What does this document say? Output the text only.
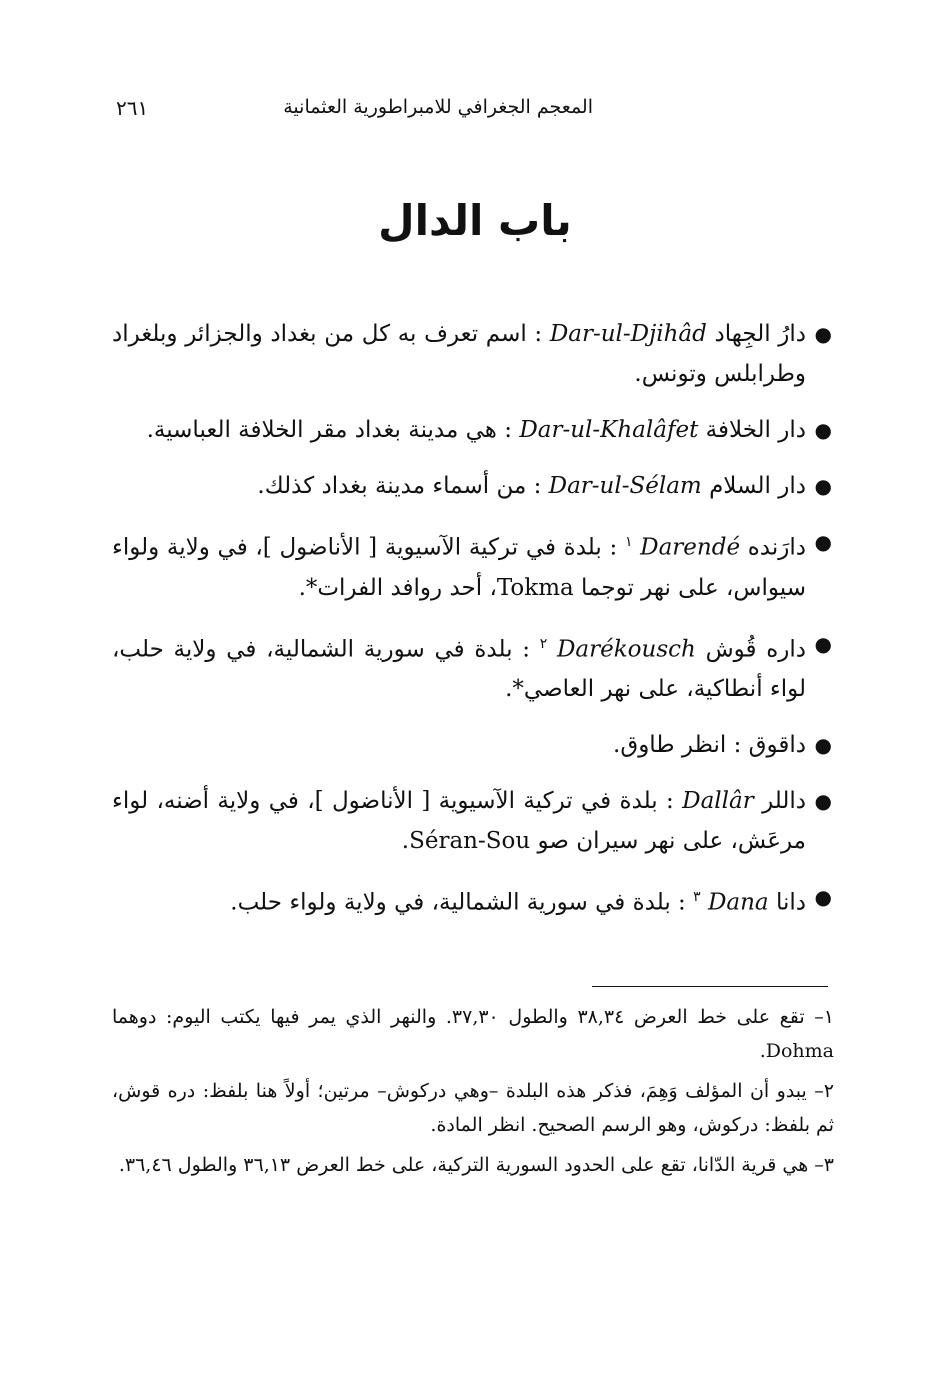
المعجم الجغرافي للامبراطورية العثمانية
٢٦١
باب الدال
●
دارُ الجِهاد Dar-ul-Djihâd : اسم تعرف به كل من بغداد والجزائر وبلغراد وطرابلس وتونس.
●
دار الخلافة Dar-ul-Khalâfet : هي مدينة بغداد مقر الخلافة العباسية.
●
دار السلام Dar-ul-Sélam : من أسماء مدينة بغداد كذلك.
●
دارَنده Darendé $^١$ : بلدة في تركية الآسيوية [ الأناضول ]، في ولاية ولواء سيواس، على نهر توجما Tokma، أحد روافد الفرات*.
●
داره قُوش Darékousch $^٢$ : بلدة في سورية الشمالية، في ولاية حلب، لواء أنطاكية، على نهر العاصي*.
●
داقوق : انظر طاوق.
●
داللر Dallâr : بلدة في تركية الآسيوية [ الأناضول ]، في ولاية أضنه، لواء مرعَش، على نهر سيران صو Séran-Sou.
●
دانا Dana $^٣$ : بلدة في سورية الشمالية، في ولاية ولواء حلب.
١– تقع على خط العرض ٣٨,٣٤ والطول ٣٧,٣٠. والنهر الذي يمر فيها يكتب اليوم: دوهما Dohma.
٢– يبدو أن المؤلف وَهِمَ، فذكر هذه البلدة –وهي دركوش– مرتين؛ أولاً هنا بلفظ: دره قوش، ثم بلفظ: دركوش، وهو الرسم الصحيح. انظر المادة.
٣– هي قرية الدّانا، تقع على الحدود السورية التركية، على خط العرض ٣٦,١٣ والطول ٣٦,٤٦.
